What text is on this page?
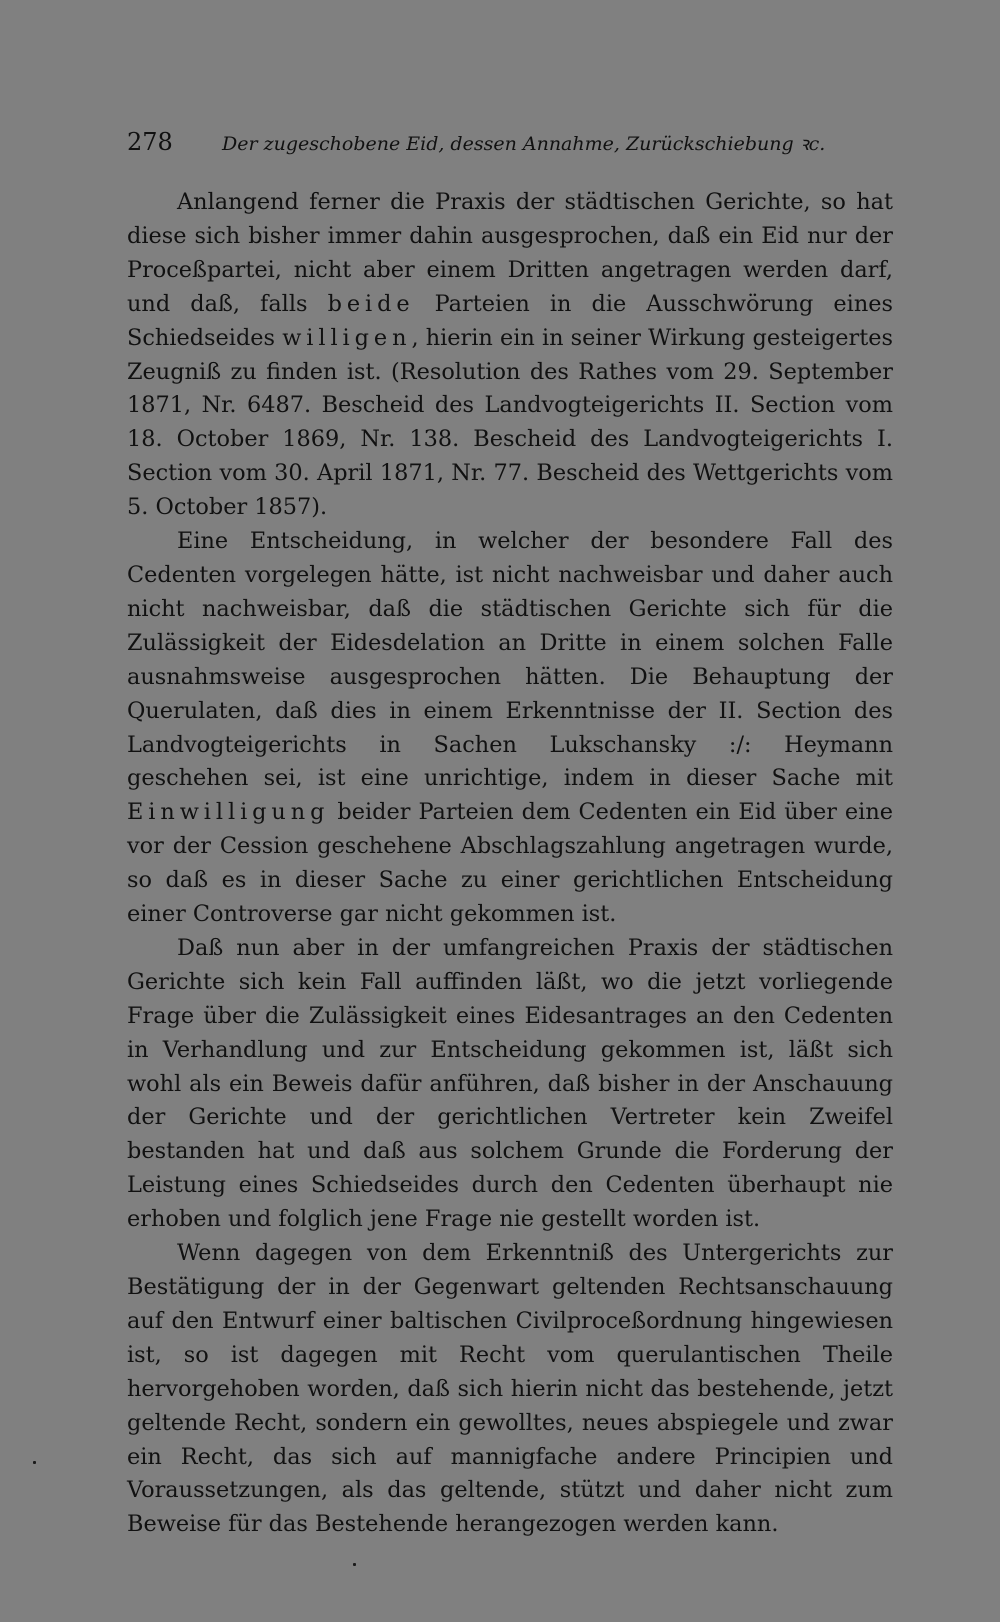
278	Der zugeschobene Eid, dessen Annahme, Zurückschiebung ꝛc.

Anlangend ferner die Praxis der städtischen Gerichte, so hat diese sich bisher immer dahin ausgesprochen, daß ein Eid nur der Proceßpartei, nicht aber einem Dritten angetragen werden darf, und daß, falls beide Parteien in die Ausschwörung eines Schiedseides willigen, hierin ein in seiner Wirkung gesteigertes Zeugniß zu finden ist. (Resolution des Rathes vom 29. September 1871, Nr. 6487. Bescheid des Landvogteigerichts II. Section vom 18. October 1869, Nr. 138. Bescheid des Landvogteigerichts I. Section vom 30. April 1871, Nr. 77. Bescheid des Wettgerichts vom 5. October 1857).

Eine Entscheidung, in welcher der besondere Fall des Cedenten vorgelegen hätte, ist nicht nachweisbar und daher auch nicht nachweisbar, daß die städtischen Gerichte sich für die Zulässigkeit der Eidesdelation an Dritte in einem solchen Falle ausnahmsweise ausgesprochen hätten. Die Behauptung der Querulaten, daß dies in einem Erkenntnisse der II. Section des Landvogteigerichts in Sachen Lukschansky :/: Heymann geschehen sei, ist eine unrichtige, indem in dieser Sache mit Einwilligung beider Parteien dem Cedenten ein Eid über eine vor der Cession geschehene Abschlagszahlung angetragen wurde, so daß es in dieser Sache zu einer gerichtlichen Entscheidung einer Controverse gar nicht gekommen ist.

Daß nun aber in der umfangreichen Praxis der städtischen Gerichte sich kein Fall auffinden läßt, wo die jetzt vorliegende Frage über die Zulässigkeit eines Eidesantrages an den Cedenten in Verhandlung und zur Entscheidung gekommen ist, läßt sich wohl als ein Beweis dafür anführen, daß bisher in der Anschauung der Gerichte und der gerichtlichen Vertreter kein Zweifel bestanden hat und daß aus solchem Grunde die Forderung der Leistung eines Schiedseides durch den Cedenten überhaupt nie erhoben und folglich jene Frage nie gestellt worden ist.

Wenn dagegen von dem Erkenntniß des Untergerichts zur Bestätigung der in der Gegenwart geltenden Rechtsanschauung auf den Entwurf einer baltischen Civilproceßordnung hingewiesen ist, so ist dagegen mit Recht vom querulantischen Theile hervorgehoben worden, daß sich hierin nicht das bestehende, jetzt geltende Recht, sondern ein gewolltes, neues abspiegele und zwar ein Recht, das sich auf mannigfache andere Principien und Voraussetzungen, als das geltende, stützt und daher nicht zum Beweise für das Bestehende herangezogen werden kann.
